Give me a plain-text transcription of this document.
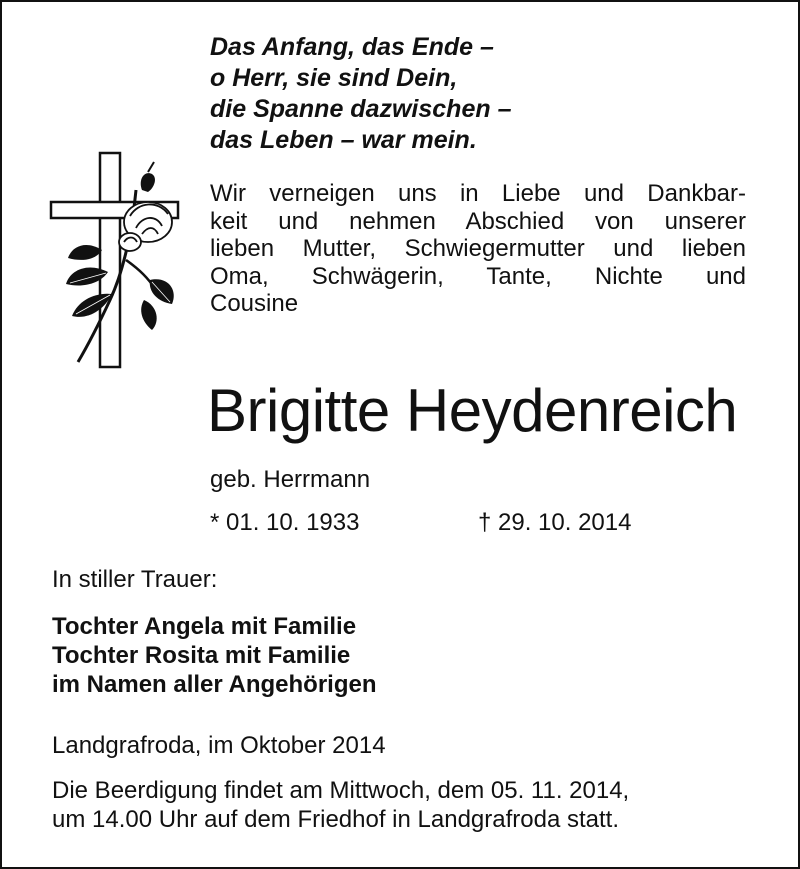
Das Anfang, das Ende –
o Herr, sie sind Dein,
die Spanne dazwischen –
das Leben – war mein.
Wir verneigen uns in Liebe und Dankbar-
keit und nehmen Abschied von unserer
lieben Mutter, Schwiegermutter und lieben
Oma, Schwägerin, Tante, Nichte und
Cousine
Brigitte Heydenreich
geb. Herrmann
* 01. 10. 1933	† 29. 10. 2014
In stiller Trauer:
Tochter Angela mit Familie
Tochter Rosita mit Familie
im Namen aller Angehörigen
Landgrafroda, im Oktober 2014
Die Beerdigung findet am Mittwoch, dem 05. 11. 2014,
um 14.00 Uhr auf dem Friedhof in Landgrafroda statt.
